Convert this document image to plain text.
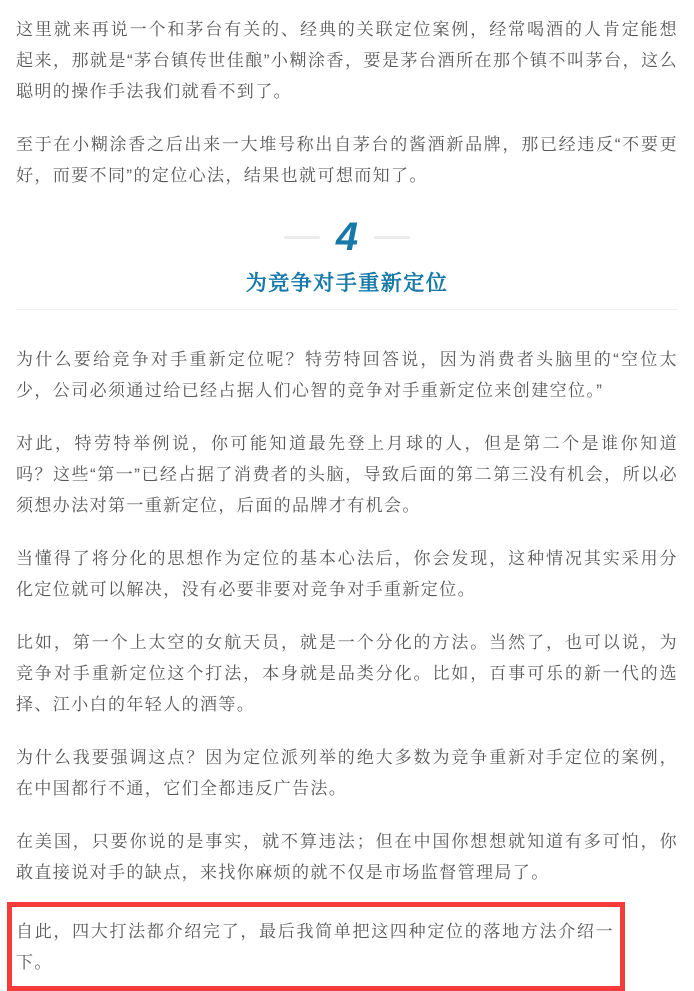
这里就来再说一个和茅台有关的、经典的关联定位案例，经常喝酒的人肯定能想起来，那就是“茅台镇传世佳酿”小糊涂香，要是茅台酒所在那个镇不叫茅台，这么聪明的操作手法我们就看不到了。

至于在小糊涂香之后出来一大堆号称出自茅台的酱酒新品牌，那已经违反“不要更好，而要不同”的定位心法，结果也就可想而知了。

4
为竞争对手重新定位

为什么要给竞争对手重新定位呢？特劳特回答说，因为消费者头脑里的“空位太少，公司必须通过给已经占据人们心智的竞争对手重新定位来创建空位。”

对此，特劳特举例说，你可能知道最先登上月球的人，但是第二个是谁你知道吗？这些“第一”已经占据了消费者的头脑，导致后面的第二第三没有机会，所以必须想办法对第一重新定位，后面的品牌才有机会。

当懂得了将分化的思想作为定位的基本心法后，你会发现，这种情况其实采用分化定位就可以解决，没有必要非要对竞争对手重新定位。

比如，第一个上太空的女航天员，就是一个分化的方法。当然了，也可以说，为竞争对手重新定位这个打法，本身就是品类分化。比如，百事可乐的新一代的选择、江小白的年轻人的酒等。

为什么我要强调这点？因为定位派列举的绝大多数为竞争重新对手定位的案例，在中国都行不通，它们全都违反广告法。

在美国，只要你说的是事实，就不算违法；但在中国你想想就知道有多可怕，你敢直接说对手的缺点，来找你麻烦的就不仅是市场监督管理局了。

自此，四大打法都介绍完了，最后我简单把这四种定位的落地方法介绍一下。
